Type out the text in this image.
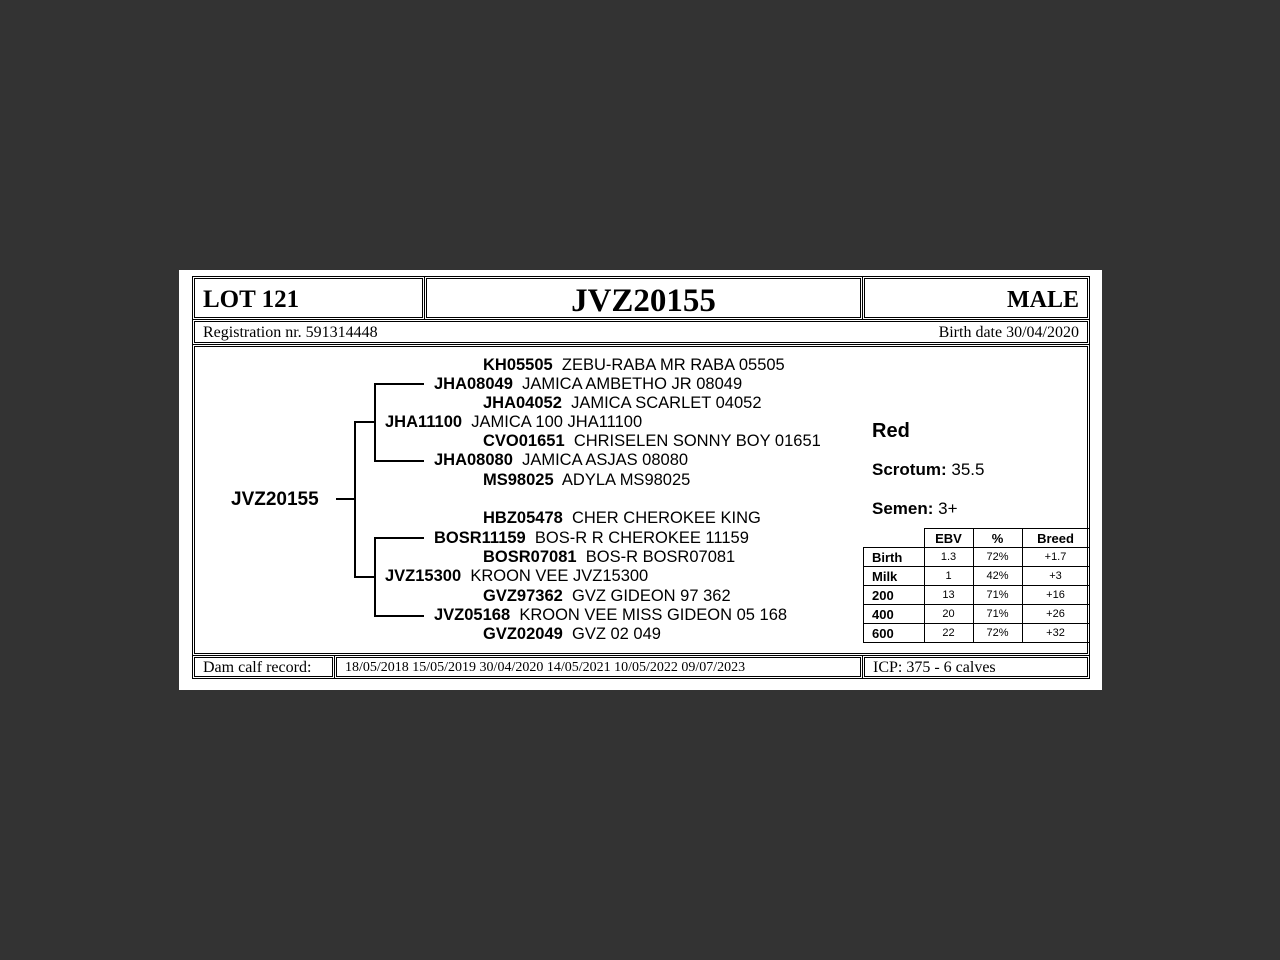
LOT 121	JVZ20155	MALE
Registration nr. 591314448	Birth date 30/04/2020
JVZ20155
KH05505 ZEBU-RABA MR RABA 05505
JHA08049 JAMICA AMBETHO JR 08049
JHA04052  JAMICA SCARLET 04052
JHA11100 JAMICA 100 JHA11100
CVO01651 CHRISELEN SONNY BOY 01651
JHA08080 JAMICA ASJAS 08080
MS98025 ADYLA MS98025
HBZ05478 CHER CHEROKEE KING
BOSR11159 BOS-R R CHEROKEE 11159
BOSR07081 BOS-R BOSR07081
JVZ15300 KROON VEE JVZ15300
GVZ97362 GVZ GIDEON 97 362
JVZ05168 KROON VEE MISS GIDEON 05 168
GVZ02049 GVZ 02 049
Red
Scrotum: 35.5
Semen: 3+
	EBV	%	Breed
Birth	1.3	72%	+1.7
Milk	1	42%	+3
200	13	71%	+16
400	20	71%	+26
600	22	72%	+32
Dam calf record: 18/05/2018 15/05/2019 30/04/2020 14/05/2021 10/05/2022 09/07/2023	ICP: 375 - 6 calves
